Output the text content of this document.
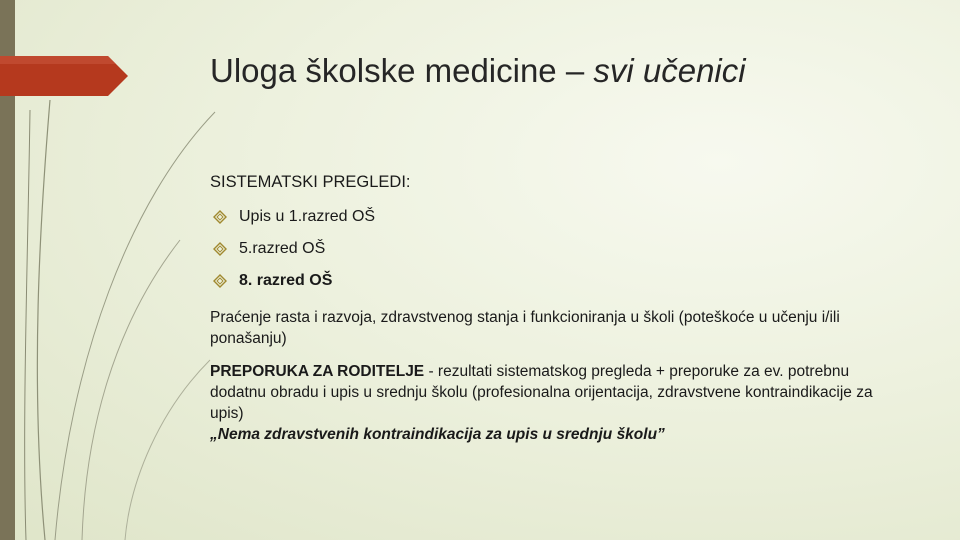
Uloga školske medicine – svi učenici

SISTEMATSKI PREGLEDI:

Upis u 1.razred OŠ
5.razred OŠ
8. razred OŠ

Praćenje rasta i razvoja, zdravstvenog stanja i funkcioniranja u školi (poteškoće u učenju i/ili ponašanju)

PREPORUKA ZA RODITELJE - rezultati sistematskog pregleda + preporuke za ev. potrebnu dodatnu obradu i upis u srednju školu (profesionalna orijentacija, zdravstvene kontraindikacije za upis)
„Nema zdravstvenih kontraindikacija za upis u srednju školu”
